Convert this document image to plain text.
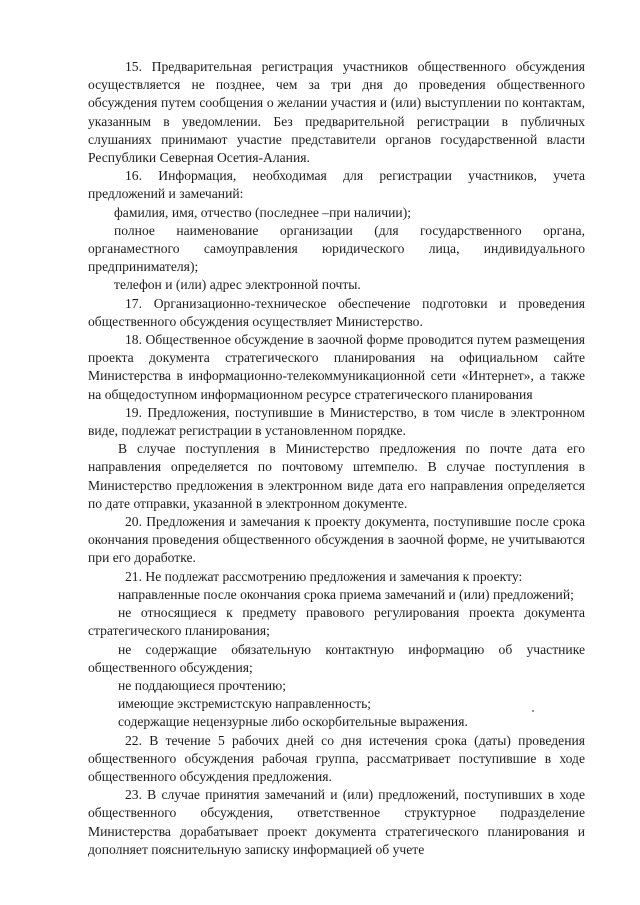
15. Предварительная регистрация участников общественного обсуждения осуществляется не позднее, чем за три дня до проведения общественного обсуждения путем сообщения о желании участия и (или) выступлении по контактам, указанным в уведомлении. Без предварительной регистрации в публичных слушаниях принимают участие представители органов государственной власти Республики Северная Осетия-Алания.

16. Информация, необходимая для регистрации участников, учета предложений и замечаний:

фамилия, имя, отчество (последнее –при наличии);

полное наименование организации (для государственного органа, органаместного самоуправления юридического лица, индивидуального предпринимателя);

телефон и (или) адрес электронной почты.

17. Организационно-техническое обеспечение подготовки и проведения общественного обсуждения осуществляет Министерство.

18. Общественное обсуждение в заочной форме проводится путем размещения проекта документа стратегического планирования на официальном сайте Министерства в информационно-телекоммуникационной сети «Интернет», а также на общедоступном информационном ресурсе стратегического планирования

19. Предложения, поступившие в Министерство, в том числе в электронном виде, подлежат регистрации в установленном порядке.

В случае поступления в Министерство предложения по почте дата его направления определяется по почтовому штемпелю. В случае поступления в Министерство предложения в электронном виде дата его направления определяется по дате отправки, указанной в электронном документе.

20. Предложения и замечания к проекту документа, поступившие после срока окончания проведения общественного обсуждения в заочной форме, не учитываются при его доработке.

21. Не подлежат рассмотрению предложения и замечания к проекту:

направленные после окончания срока приема замечаний и (или) предложений;

не относящиеся к предмету правового регулирования проекта документа стратегического планирования;

не содержащие обязательную контактную информацию об участнике общественного обсуждения;

не поддающиеся прочтению;

имеющие экстремистскую направленность;

содержащие нецензурные либо оскорбительные выражения.

22. В течение 5 рабочих дней со дня истечения срока (даты) проведения общественного обсуждения рабочая группа, рассматривает поступившие в ходе общественного обсуждения предложения.

23. В случае принятия замечаний и (или) предложений, поступивших в ходе общественного обсуждения, ответственное структурное подразделение Министерства дорабатывает проект документа стратегического планирования и дополняет пояснительную записку информацией об учете
